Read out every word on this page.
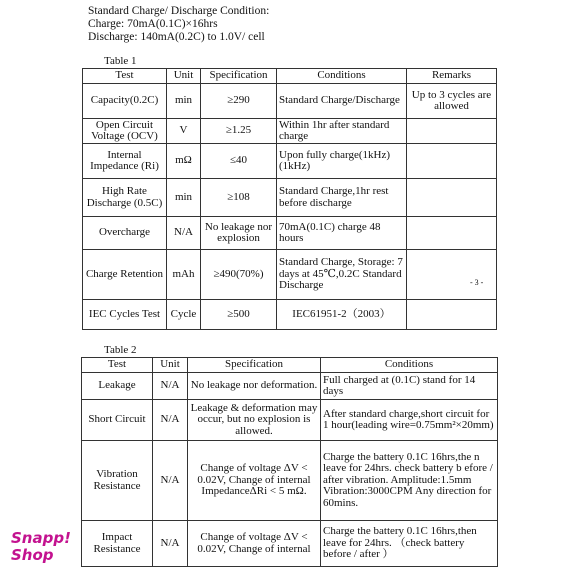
Standard Charge/ Discharge Condition:
Charge: 70mA(0.1C)×16hrs
Discharge: 140mA(0.2C) to 1.0V/ cell
Table 1
Test	Unit	Specification	Conditions	Remarks
Capacity(0.2C)	min	≥290	Standard Charge/Discharge	Up to 3 cycles are allowed
Open Circuit Voltage (OCV)	V	≥1.25	Within 1hr after standard charge	
Internal Impedance (Ri)	mΩ	≤40	Upon fully charge(1kHz)(1kHz)	
High Rate Discharge (0.5C)	min	≥108	Standard Charge,1hr rest before discharge	
Overcharge	N/A	No leakage nor explosion	70mA(0.1C) charge 48 hours	
Charge Retention	mAh	≥490(70%)	Standard Charge, Storage: 7 days at 45℃,0.2C Standard Discharge	
IEC Cycles Test	Cycle	≥500	IEC61951-2（2003）	
- 3 -
Table 2
Test	Unit	Specification	Conditions
Leakage	N/A	No leakage nor deformation.	Full charged at (0.1C) stand for 14 days
Short Circuit	N/A	Leakage & deformation may occur, but no explosion is allowed.	After standard charge,short circuit for 1 hour(leading wire=0.75mm²×20mm)
Vibration Resistance	N/A	Change of voltage ΔV < 0.02V, Change of internal ImpedanceΔRi < 5 mΩ.	Charge the battery 0.1C 16hrs,the n leave for 24hrs. check battery b efore / after vibration. Amplitude:1.5mm Vibration:3000CPM Any direction for 60mins.
Impact Resistance	N/A	Change of voltage ΔV < 0.02V, Change of internal	Charge the battery 0.1C 16hrs,then leave for 24hrs. （check battery before / after ）
Snapp!
Shop
